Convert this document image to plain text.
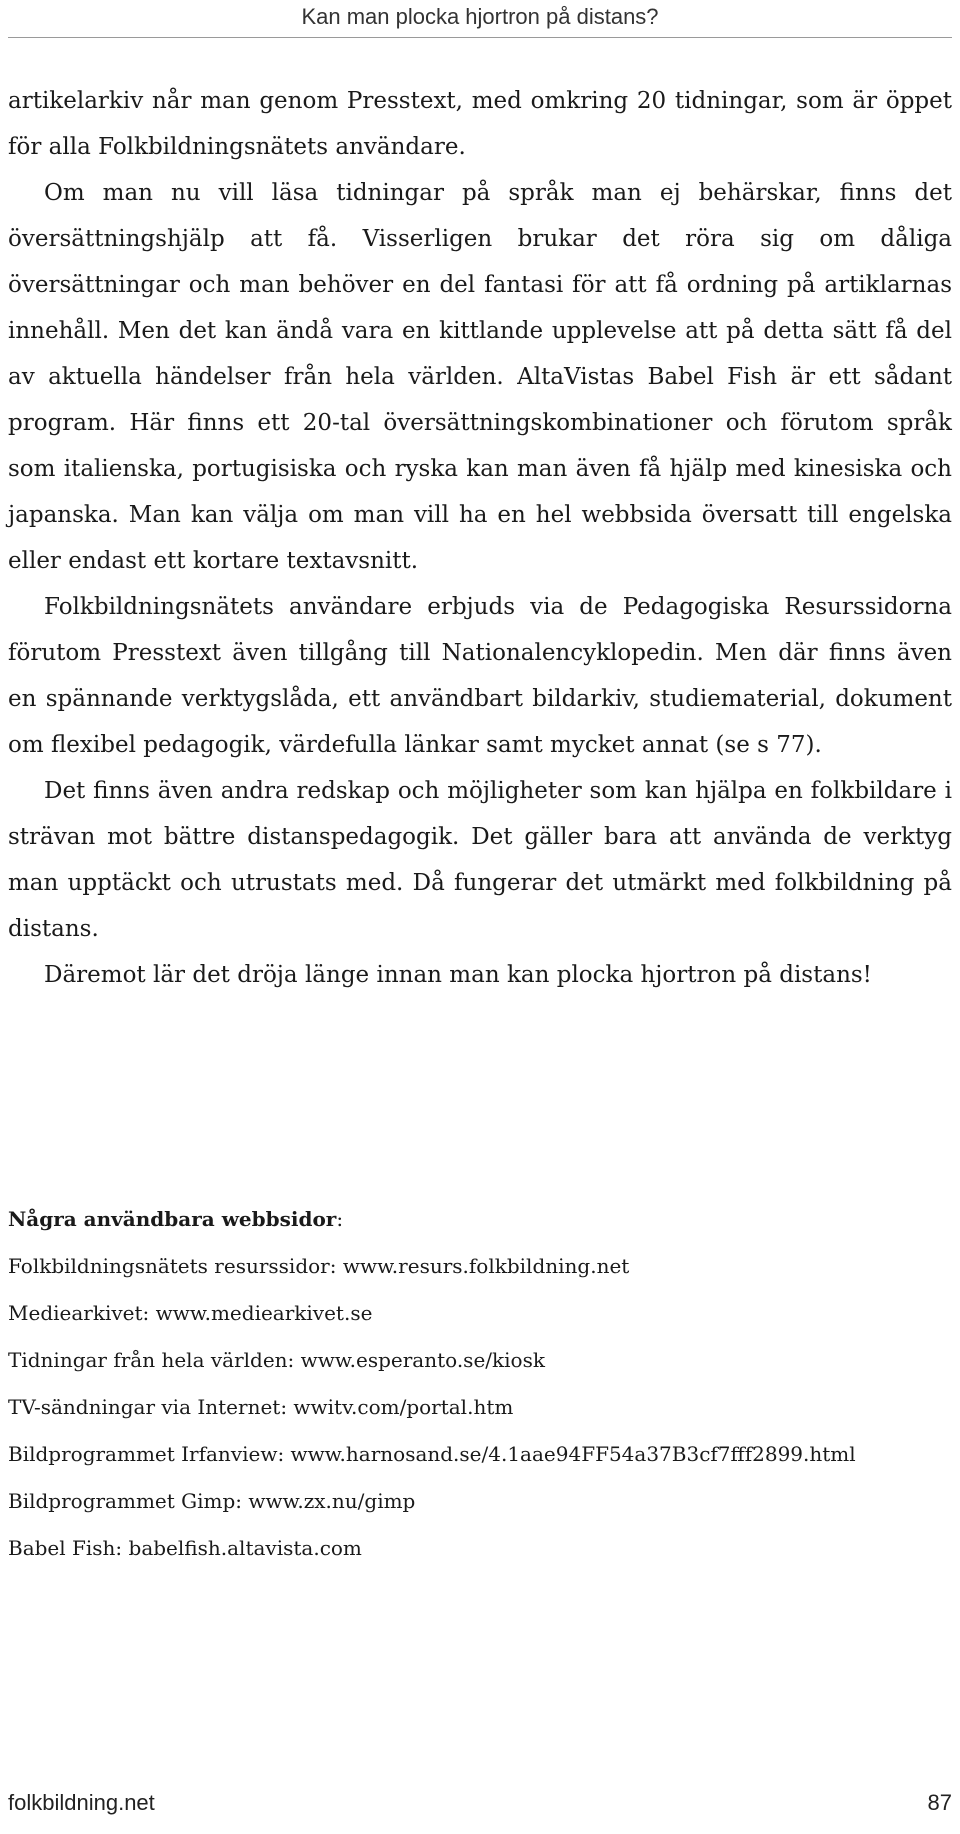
Kan man plocka hjortron på distans?

artikelarkiv når man genom Presstext, med omkring 20 tidningar, som är öppet för alla Folkbildningsnätets användare.

Om man nu vill läsa tidningar på språk man ej behärskar, finns det översättningshjälp att få. Visserligen brukar det röra sig om dåliga översättningar och man behöver en del fantasi för att få ordning på artiklarnas innehåll. Men det kan ändå vara en kittlande upplevelse att på detta sätt få del av aktuella händelser från hela världen. AltaVistas Babel Fish är ett sådant program. Här finns ett 20-tal översättningskombinationer och förutom språk som italienska, portugisiska och ryska kan man även få hjälp med kinesiska och japanska. Man kan välja om man vill ha en hel webbsida översatt till engelska eller endast ett kortare textavsnitt.

Folkbildningsnätets användare erbjuds via de Pedagogiska Resurssidorna förutom Presstext även tillgång till Nationalencyklopedin. Men där finns även en spännande verktygslåda, ett användbart bildarkiv, studiematerial, dokument om flexibel pedagogik, värdefulla länkar samt mycket annat (se s 77).

Det finns även andra redskap och möjligheter som kan hjälpa en folkbildare i strävan mot bättre distanspedagogik. Det gäller bara att använda de verktyg man upptäckt och utrustats med. Då fungerar det utmärkt med folkbildning på distans.

Däremot lär det dröja länge innan man kan plocka hjortron på distans!

Några användbara webbsidor:
Folkbildningsnätets resurssidor: www.resurs.folkbildning.net
Mediearkivet: www.mediearkivet.se
Tidningar från hela världen: www.esperanto.se/kiosk
TV-sändningar via Internet: wwitv.com/portal.htm
Bildprogrammet Irfanview: www.harnosand.se/4.1aae94FF54a37B3cf7fff2899.html
Bildprogrammet Gimp: www.zx.nu/gimp
Babel Fish: babelfish.altavista.com
folkbildning.net	87
